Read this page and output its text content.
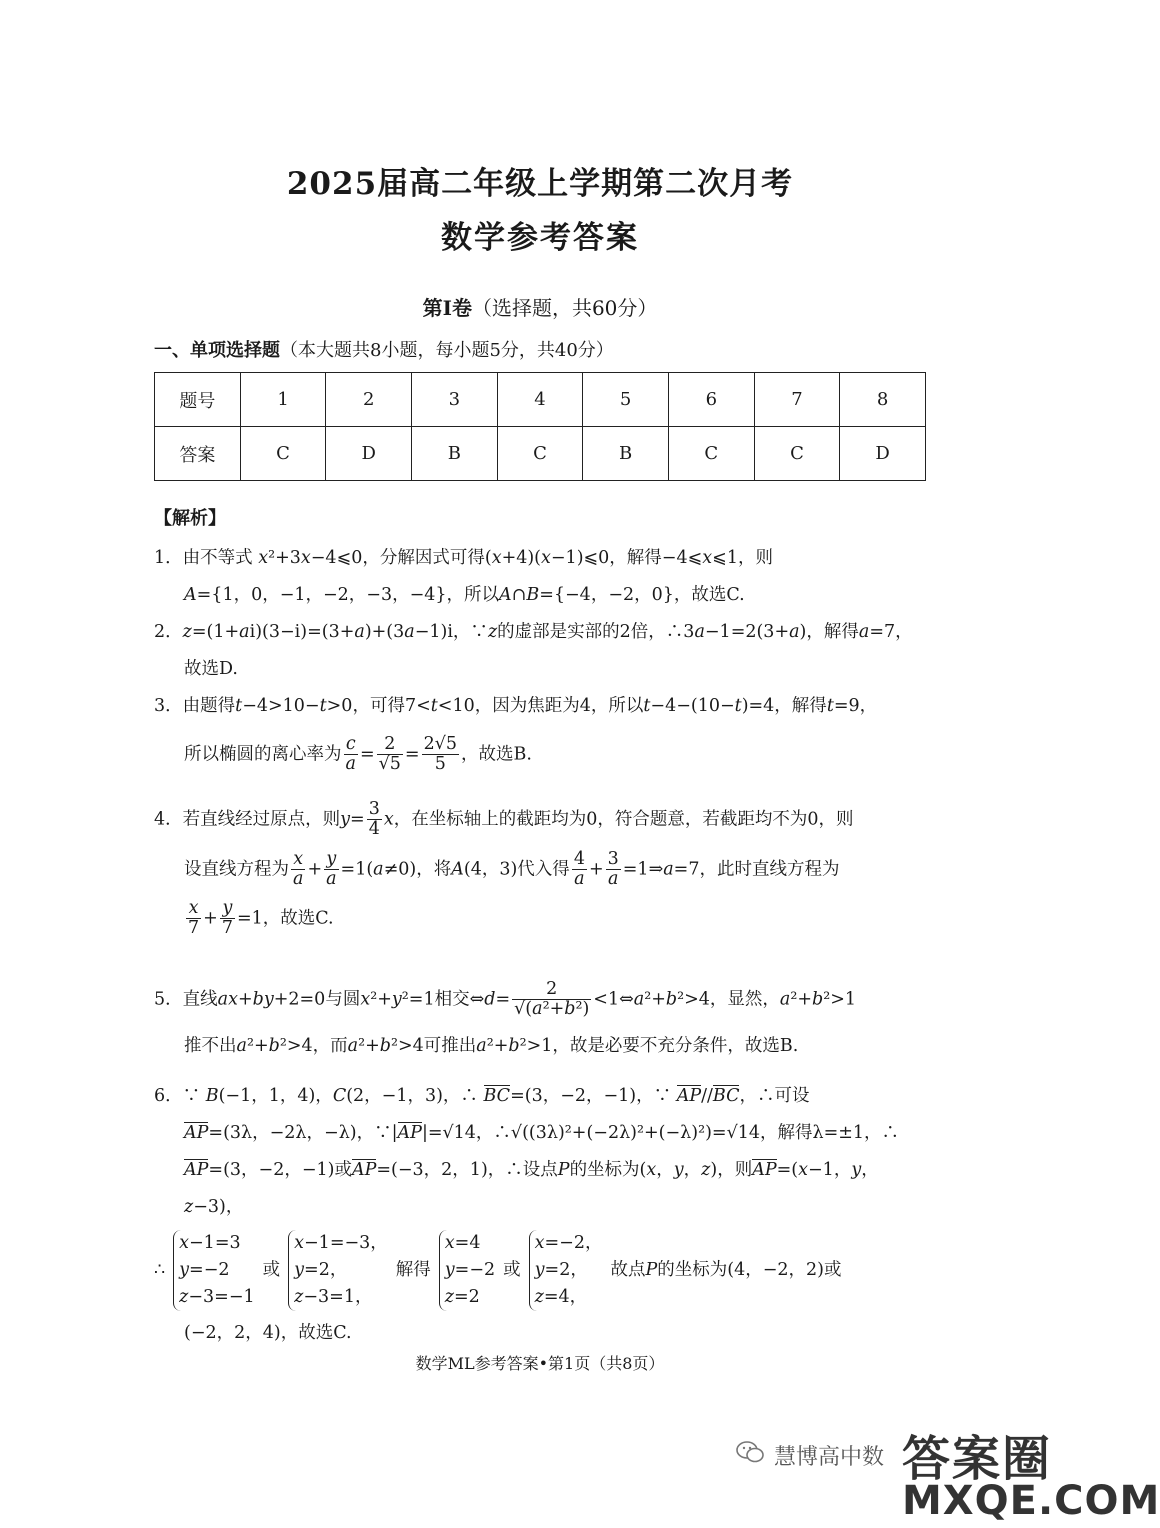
2025届高二年级上学期第二次月考
数学参考答案
第Ⅰ卷（选择题，共60分）
一、单项选择题（本大题共8小题，每小题5分，共40分）
题号	1	2	3	4	5	6	7	8
答案	C	D	B	C	B	C	C	D
【解析】
1．由不等式 x²+3x−4⩽0，分解因式可得(x+4)(x−1)⩽0，解得−4⩽x⩽1，则
A={1，0，−1，−2，−3，−4}，所以A∩B={−4，−2，0}，故选C.
2．z=(1+ai)(3−i)=(3+a)+(3a−1)i，∵z的虚部是实部的2倍，∴3a−1=2(3+a)，解得a=7，
故选D.
3．由题得t−4>10−t>0，可得7<t<10，因为焦距为4，所以t−4−(10−t)=4，解得t=9，
所以椭圆的离心率为 $\frac{c}{a} = \frac{2}{√5} = \frac{2√5}{5}$ ，故选B.
4．若直线经过原点，则$y= \frac{3}{4}$ x，在坐标轴上的截距均为0，符合题意，若截距均不为0，则
设直线方程为 $\frac{x}{a} + \frac{y}{a} =1(a\ne 0)$，将A(4，3)代入得 $\frac{4}{a} + \frac{3}{a}$ =1⇒a=7，此时直线方程为
$\frac{x}{7} + \frac{y}{7} =1$，故选C.
5．直线ax+by+2=0与圆x²+y²=1相交⇔d= $\frac{2}{\text{√(a²+b²)}}$ <1⇔a²+b²>4，显然，a²+b²>1
推不出a²+b²>4，而a²+b²>4可推出a²+b²>1，故是必要不充分条件，故选B.
6．∵ B(−1，1，4)，C(2，−1，3)，∴ BC=(3，−2，−1)，∵ AP//BC，∴可设
AP=(3λ，−2λ，−λ)，∵|AP|=√14，∴√((3λ)²+(−2λ)²+(−λ)²)=√14，解得λ=±1，∴
AP=(3，−2，−1)或AP=(−3，2，1)，∴设点P的坐标为(x，y，z)，则AP=(x−1，y，z−3)，
∴x−1=3
y=−2
z−3=−1或x−1=−3，
y=2，
z−3=1，解得x=4
y=−2
z=2或x=−2，
y=2，
z=4，故点P的坐标为(4，−2，2)或
(−2，2，4)，故选C.
数学ML参考答案•第1页（共8页）
慧博高中数 答案圈
MXQE.COM
